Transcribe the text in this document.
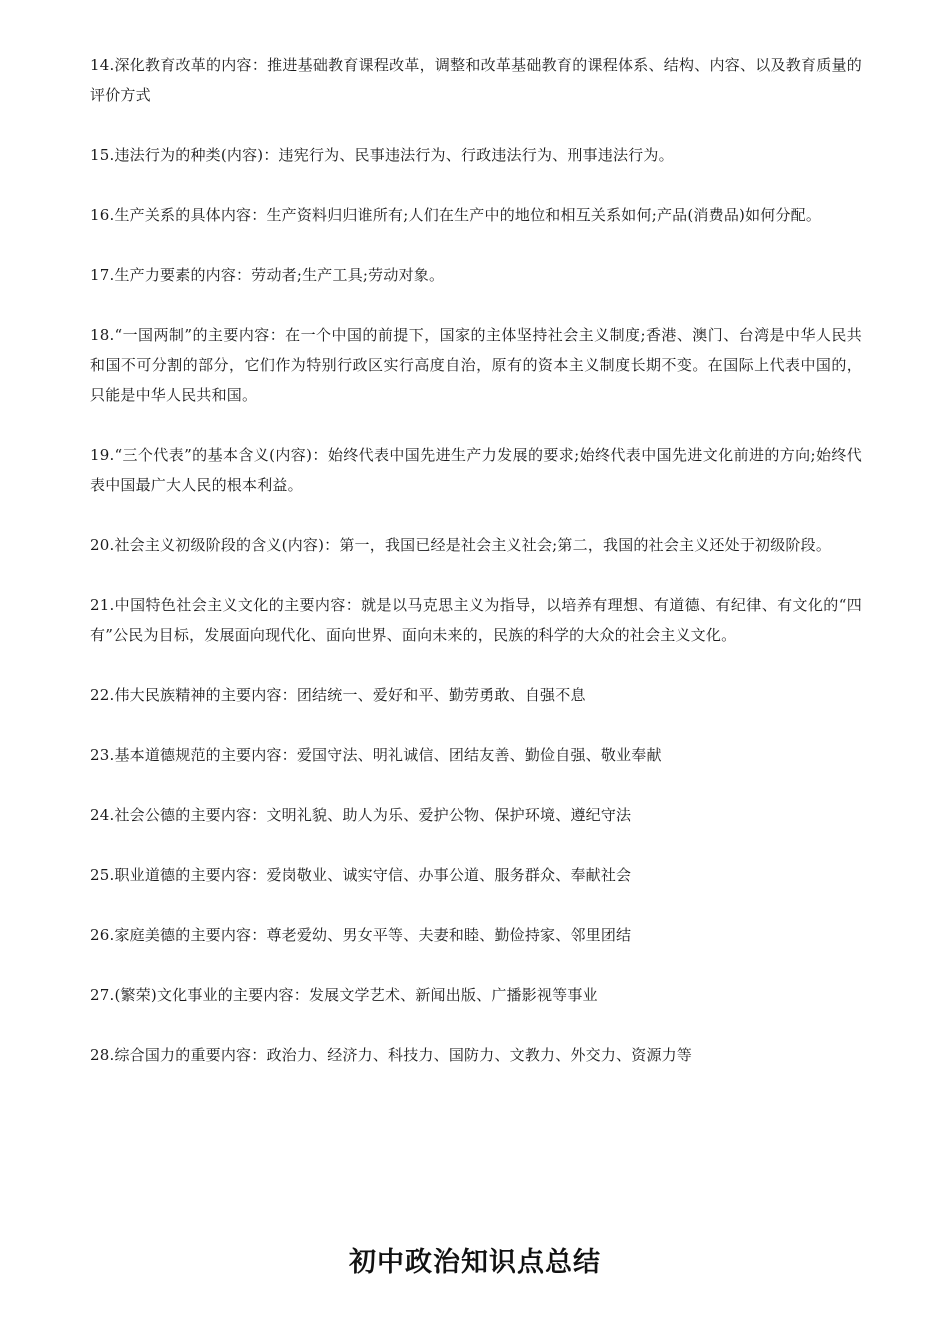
14.深化教育改革的内容：推进基础教育课程改革，调整和改革基础教育的课程体系、结构、内容、以及教育质量的评价方式

15.违法行为的种类(内容)：违宪行为、民事违法行为、行政违法行为、刑事违法行为。

16.生产关系的具体内容：生产资料归归谁所有;人们在生产中的地位和相互关系如何;产品(消费品)如何分配。

17.生产力要素的内容：劳动者;生产工具;劳动对象。

18.“一国两制”的主要内容：在一个中国的前提下，国家的主体坚持社会主义制度;香港、澳门、台湾是中华人民共和国不可分割的部分，它们作为特别行政区实行高度自治，原有的资本主义制度长期不变。在国际上代表中国的，只能是中华人民共和国。

19.“三个代表”的基本含义(内容)：始终代表中国先进生产力发展的要求;始终代表中国先进文化前进的方向;始终代表中国最广大人民的根本利益。

20.社会主义初级阶段的含义(内容)：第一，我国已经是社会主义社会;第二，我国的社会主义还处于初级阶段。

21.中国特色社会主义文化的主要内容：就是以马克思主义为指导，以培养有理想、有道德、有纪律、有文化的“四有”公民为目标，发展面向现代化、面向世界、面向未来的，民族的科学的大众的社会主义文化。

22.伟大民族精神的主要内容：团结统一、爱好和平、勤劳勇敢、自强不息

23.基本道德规范的主要内容：爱国守法、明礼诚信、团结友善、勤俭自强、敬业奉献

24.社会公德的主要内容：文明礼貌、助人为乐、爱护公物、保护环境、遵纪守法

25.职业道德的主要内容：爱岗敬业、诚实守信、办事公道、服务群众、奉献社会

26.家庭美德的主要内容：尊老爱幼、男女平等、夫妻和睦、勤俭持家、邻里团结

27.(繁荣)文化事业的主要内容：发展文学艺术、新闻出版、广播影视等事业

28.综合国力的重要内容：政治力、经济力、科技力、国防力、文教力、外交力、资源力等

初中政治知识点总结
